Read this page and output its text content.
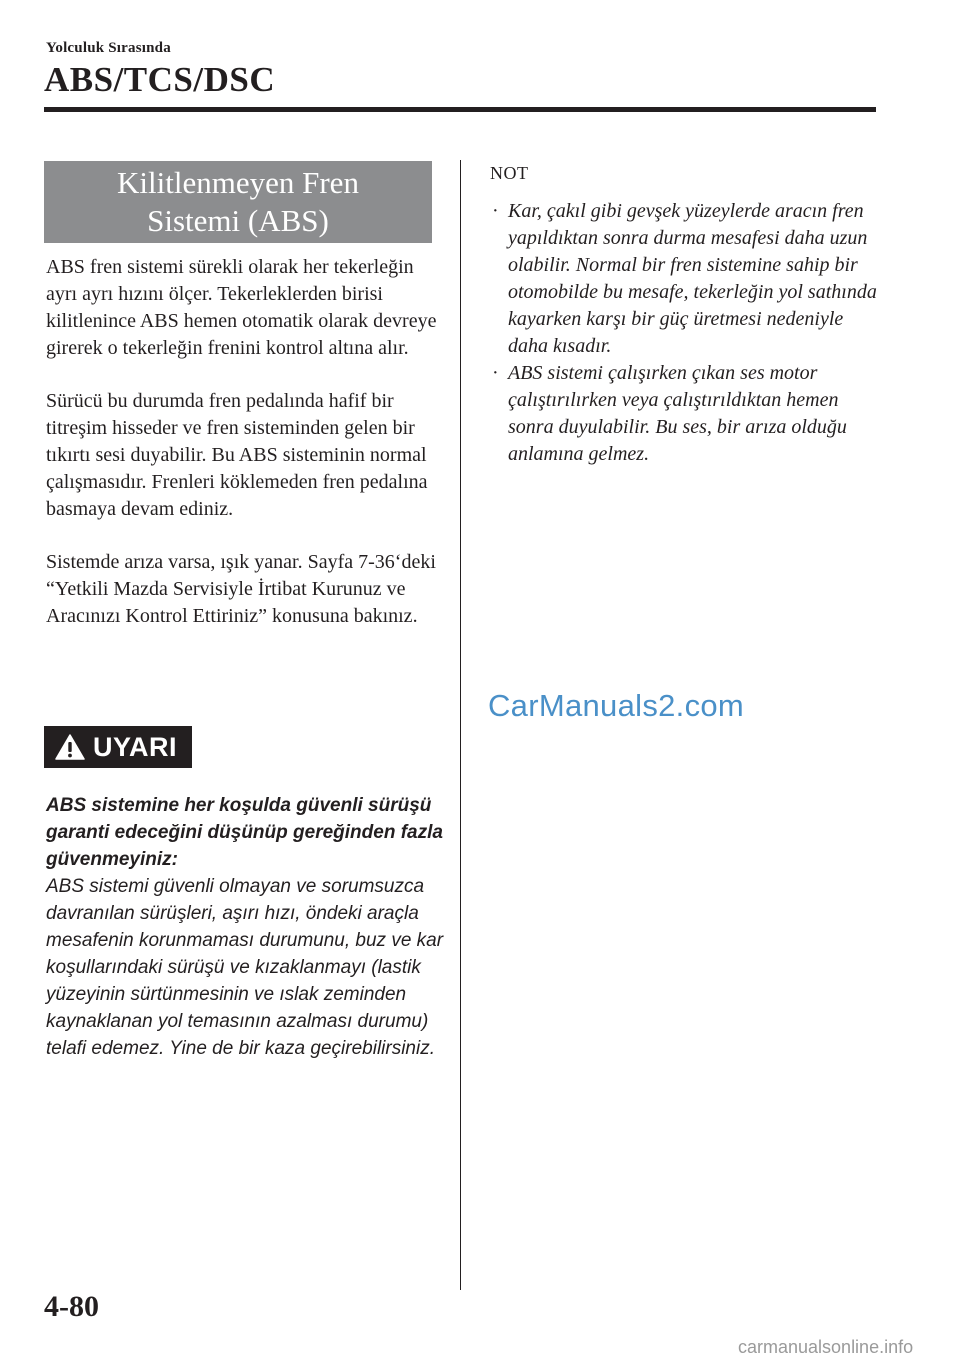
Yolculuk Sırasında
ABS/TCS/DSC
Kilitlenmeyen Fren
Sistemi (ABS)

ABS fren sistemi sürekli olarak her tekerleğin ayrı ayrı hızını ölçer. Tekerleklerden birisi kilitlenince ABS hemen otomatik olarak devreye girerek o tekerleğin frenini kontrol altına alır.

Sürücü bu durumda fren pedalında hafif bir titreşim hisseder ve fren sisteminden gelen bir tıkırtı sesi duyabilir. Bu ABS sisteminin normal çalışmasıdır. Frenleri köklemeden fren pedalına basmaya devam ediniz.

Sistemde arıza varsa, ışık yanar. Sayfa 7-36‘deki “Yetkili Mazda Servisiyle İrtibat Kurunuz ve Aracınızı Kontrol Ettiriniz” konusuna bakınız.

UYARI
ABS sistemine her koşulda güvenli sürüşü garanti edeceğini düşünüp gereğinden fazla güvenmeyiniz:
ABS sistemi güvenli olmayan ve sorumsuzca davranılan sürüşleri, aşırı hızı, öndeki araçla mesafenin korunmaması durumunu, buz ve kar koşullarındaki sürüşü ve kızaklanmayı (lastik yüzeyinin sürtünmesinin ve ıslak zeminden kaynaklanan yol temasının azalması durumu) telafi edemez. Yine de bir kaza geçirebilirsiniz.
NOT
· Kar, çakıl gibi gevşek yüzeylerde aracın fren yapıldıktan sonra durma mesafesi daha uzun olabilir. Normal bir fren sistemine sahip bir otomobilde bu mesafe, tekerleğin yol sathında kayarken karşı bir güç üretmesi nedeniyle daha kısadır.
· ABS sistemi çalışırken çıkan ses motor çalıştırılırken veya çalıştırıldıktan hemen sonra duyulabilir. Bu ses, bir arıza olduğu anlamına gelmez.
CarManuals2.com
4-80
carmanualsonline.info
